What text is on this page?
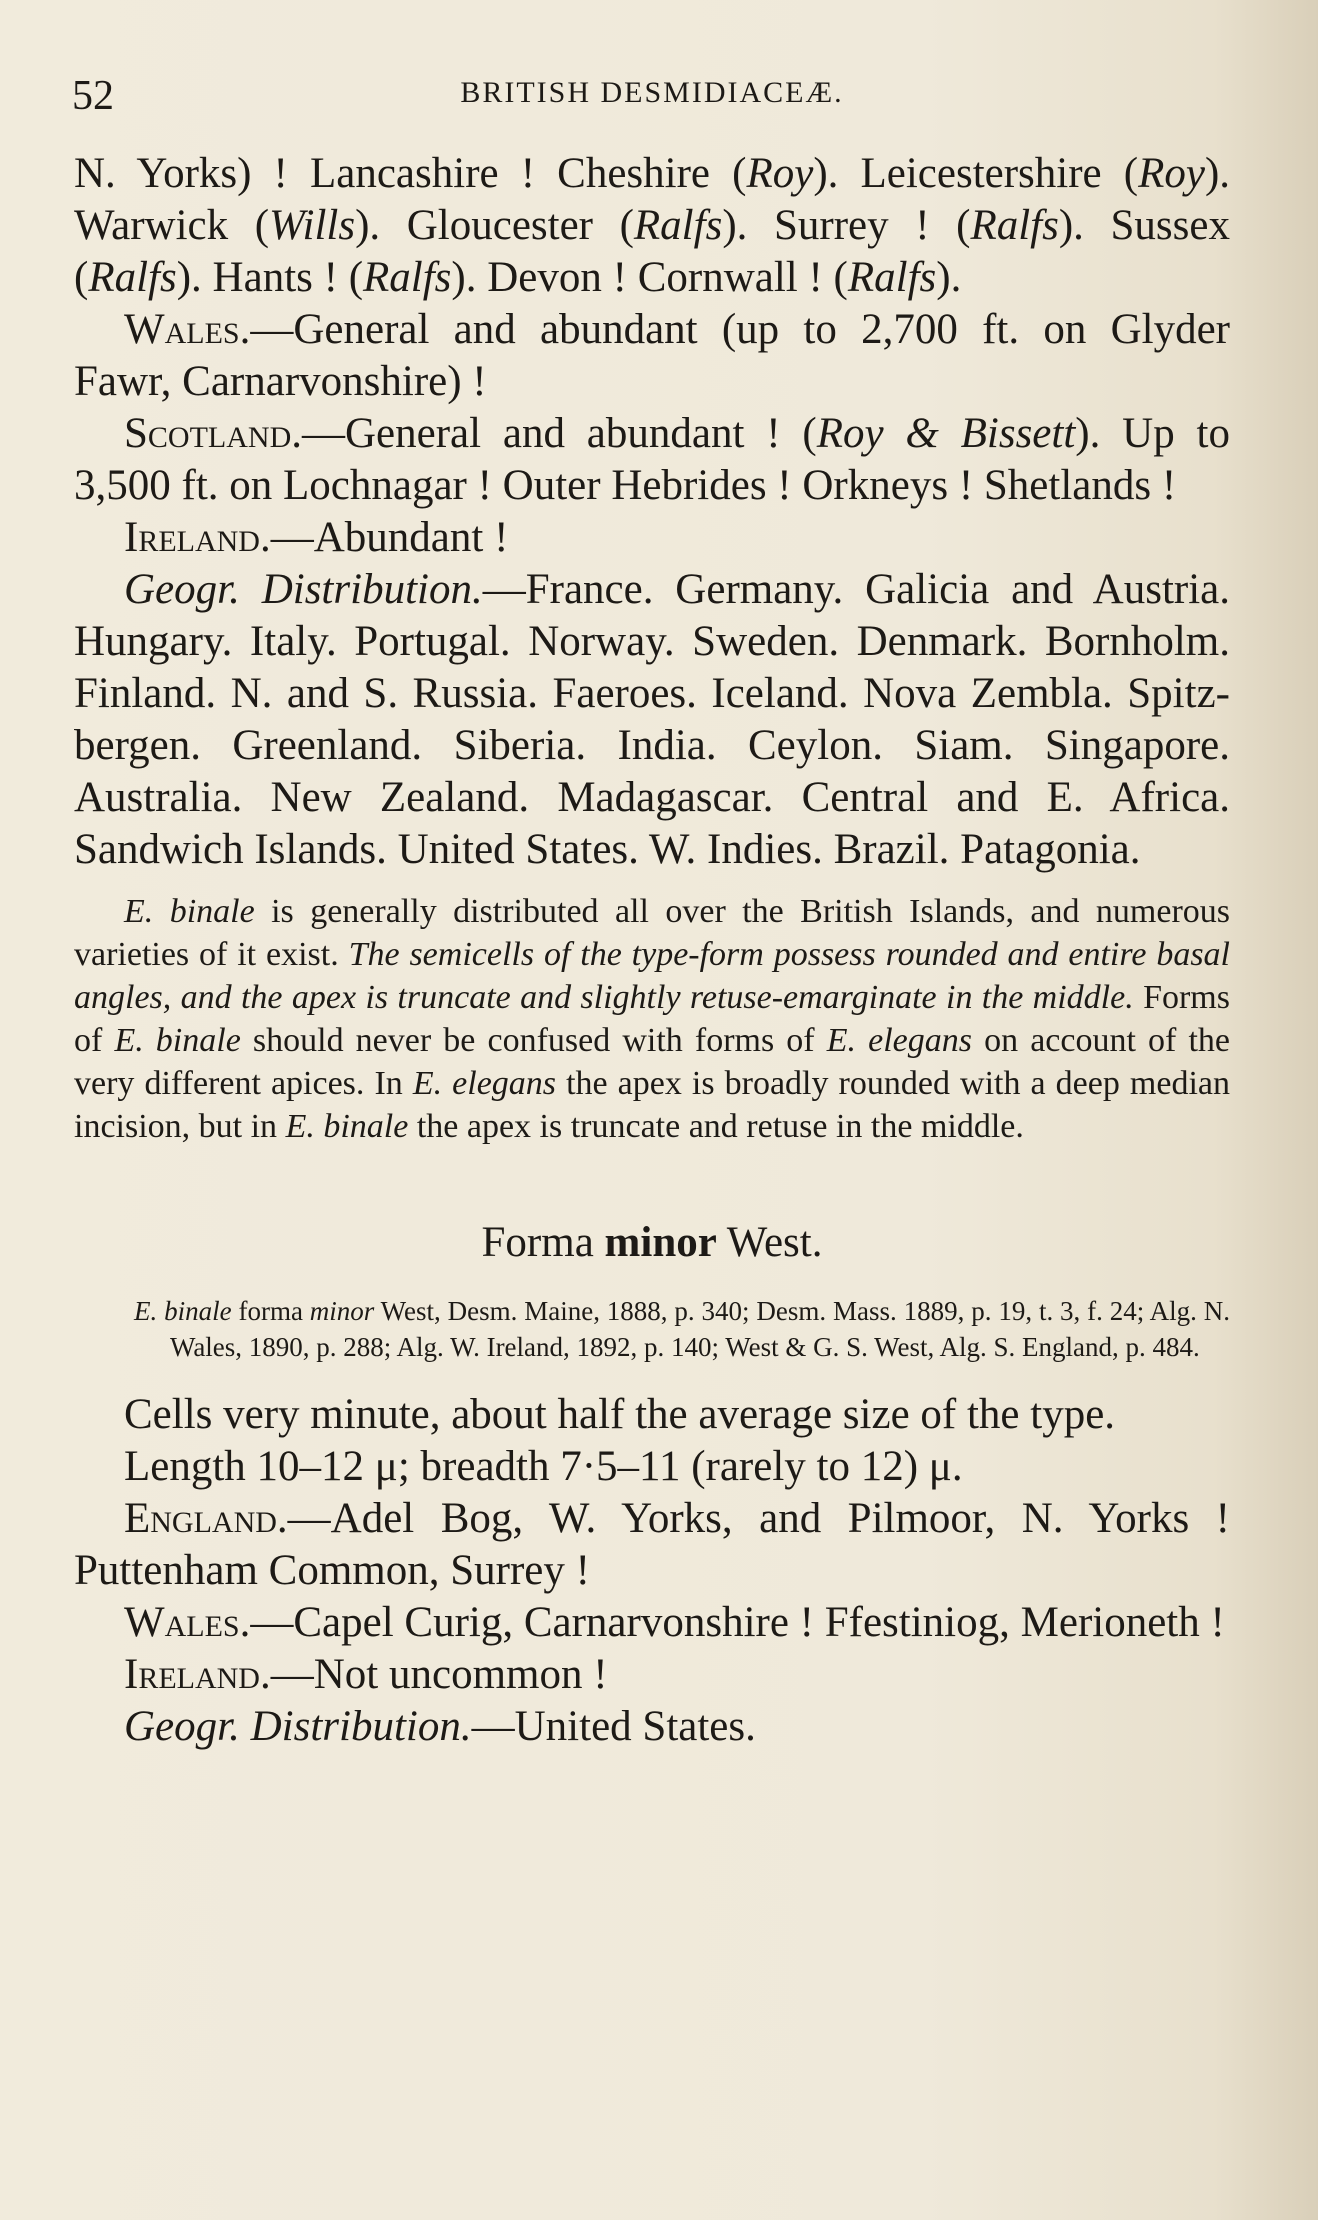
52	BRITISH DESMIDIACEÆ.

N. Yorks) ! Lancashire ! Cheshire (Roy). Leicestershire (Roy). Warwick (Wills). Gloucester (Ralfs). Surrey ! (Ralfs). Sussex (Ralfs). Hants ! (Ralfs). Devon ! Cornwall ! (Ralfs).

Wales.—General and abundant (up to 2,700 ft. on Glyder Fawr, Carnarvonshire) !

Scotland.—General and abundant ! (Roy & Bissett). Up to 3,500 ft. on Lochnagar ! Outer Hebrides ! Orkneys ! Shetlands !

Ireland.—Abundant !

Geogr. Distribution.—France. Germany. Galicia and Austria. Hungary. Italy. Portugal. Norway. Sweden. Denmark. Bornholm. Finland. N. and S. Russia. Faeroes. Iceland. Nova Zembla. Spitzbergen. Greenland. Siberia. India. Ceylon. Siam. Singapore. Australia. New Zealand. Madagascar. Central and E. Africa. Sandwich Islands. United States. W. Indies. Brazil. Patagonia.

E. binale is generally distributed all over the British Islands, and numerous varieties of it exist. The semicells of the type-form possess rounded and entire basal angles, and the apex is truncate and slightly retuse-emarginate in the middle. Forms of E. binale should never be confused with forms of E. elegans on account of the very different apices. In E. elegans the apex is broadly rounded with a deep median incision, but in E. binale the apex is truncate and retuse in the middle.

Forma minor West.

E. binale forma minor West, Desm. Maine, 1888, p. 340; Desm. Mass. 1889, p. 19, t. 3, f. 24; Alg. N. Wales, 1890, p. 288; Alg. W. Ireland, 1892, p. 140; West & G. S. West, Alg. S. England, p. 484.

Cells very minute, about half the average size of the type.

Length 10–12 μ; breadth 7·5–11 (rarely to 12) μ.

England.—Adel Bog, W. Yorks, and Pilmoor, N. Yorks ! Puttenham Common, Surrey !

Wales.—Capel Curig, Carnarvonshire ! Ffestiniog, Merioneth !

Ireland.—Not uncommon !

Geogr. Distribution.—United States.
